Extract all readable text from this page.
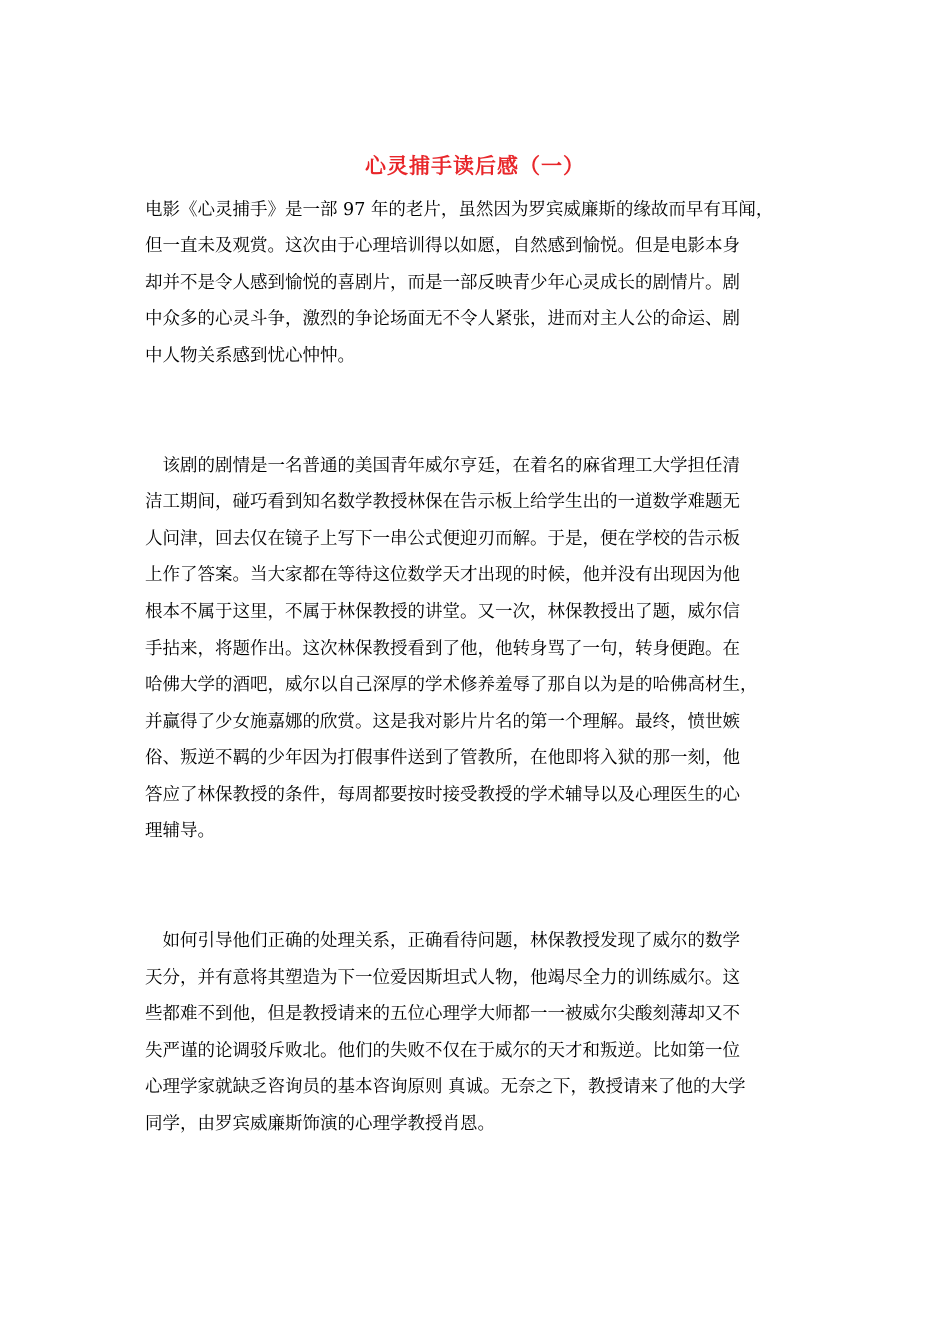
心灵捕手读后感（一）
电影《心灵捕手》是一部 97 年的老片，虽然因为罗宾威廉斯的缘故而早有耳闻，
但一直未及观赏。这次由于心理培训得以如愿，自然感到愉悦。但是电影本身
却并不是令人感到愉悦的喜剧片，而是一部反映青少年心灵成长的剧情片。剧
中众多的心灵斗争，激烈的争论场面无不令人紧张，进而对主人公的命运、剧
中人物关系感到忧心忡忡。
　该剧的剧情是一名普通的美国青年威尔亨廷，在着名的麻省理工大学担任清
洁工期间，碰巧看到知名数学教授林保在告示板上给学生出的一道数学难题无
人问津，回去仅在镜子上写下一串公式便迎刃而解。于是，便在学校的告示板
上作了答案。当大家都在等待这位数学天才出现的时候，他并没有出现因为他
根本不属于这里，不属于林保教授的讲堂。又一次，林保教授出了题，威尔信
手拈来，将题作出。这次林保教授看到了他，他转身骂了一句，转身便跑。在
哈佛大学的酒吧，威尔以自己深厚的学术修养羞辱了那自以为是的哈佛高材生，
并赢得了少女施嘉娜的欣赏。这是我对影片片名的第一个理解。最终，愤世嫉
俗、叛逆不羁的少年因为打假事件送到了管教所，在他即将入狱的那一刻，他
答应了林保教授的条件，每周都要按时接受教授的学术辅导以及心理医生的心
理辅导。
　如何引导他们正确的处理关系，正确看待问题，林保教授发现了威尔的数学
天分，并有意将其塑造为下一位爱因斯坦式人物，他竭尽全力的训练威尔。这
些都难不到他，但是教授请来的五位心理学大师都一一被威尔尖酸刻薄却又不
失严谨的论调驳斥败北。他们的失败不仅在于威尔的天才和叛逆。比如第一位
心理学家就缺乏咨询员的基本咨询原则 真诚。无奈之下，教授请来了他的大学
同学，由罗宾威廉斯饰演的心理学教授肖恩。
